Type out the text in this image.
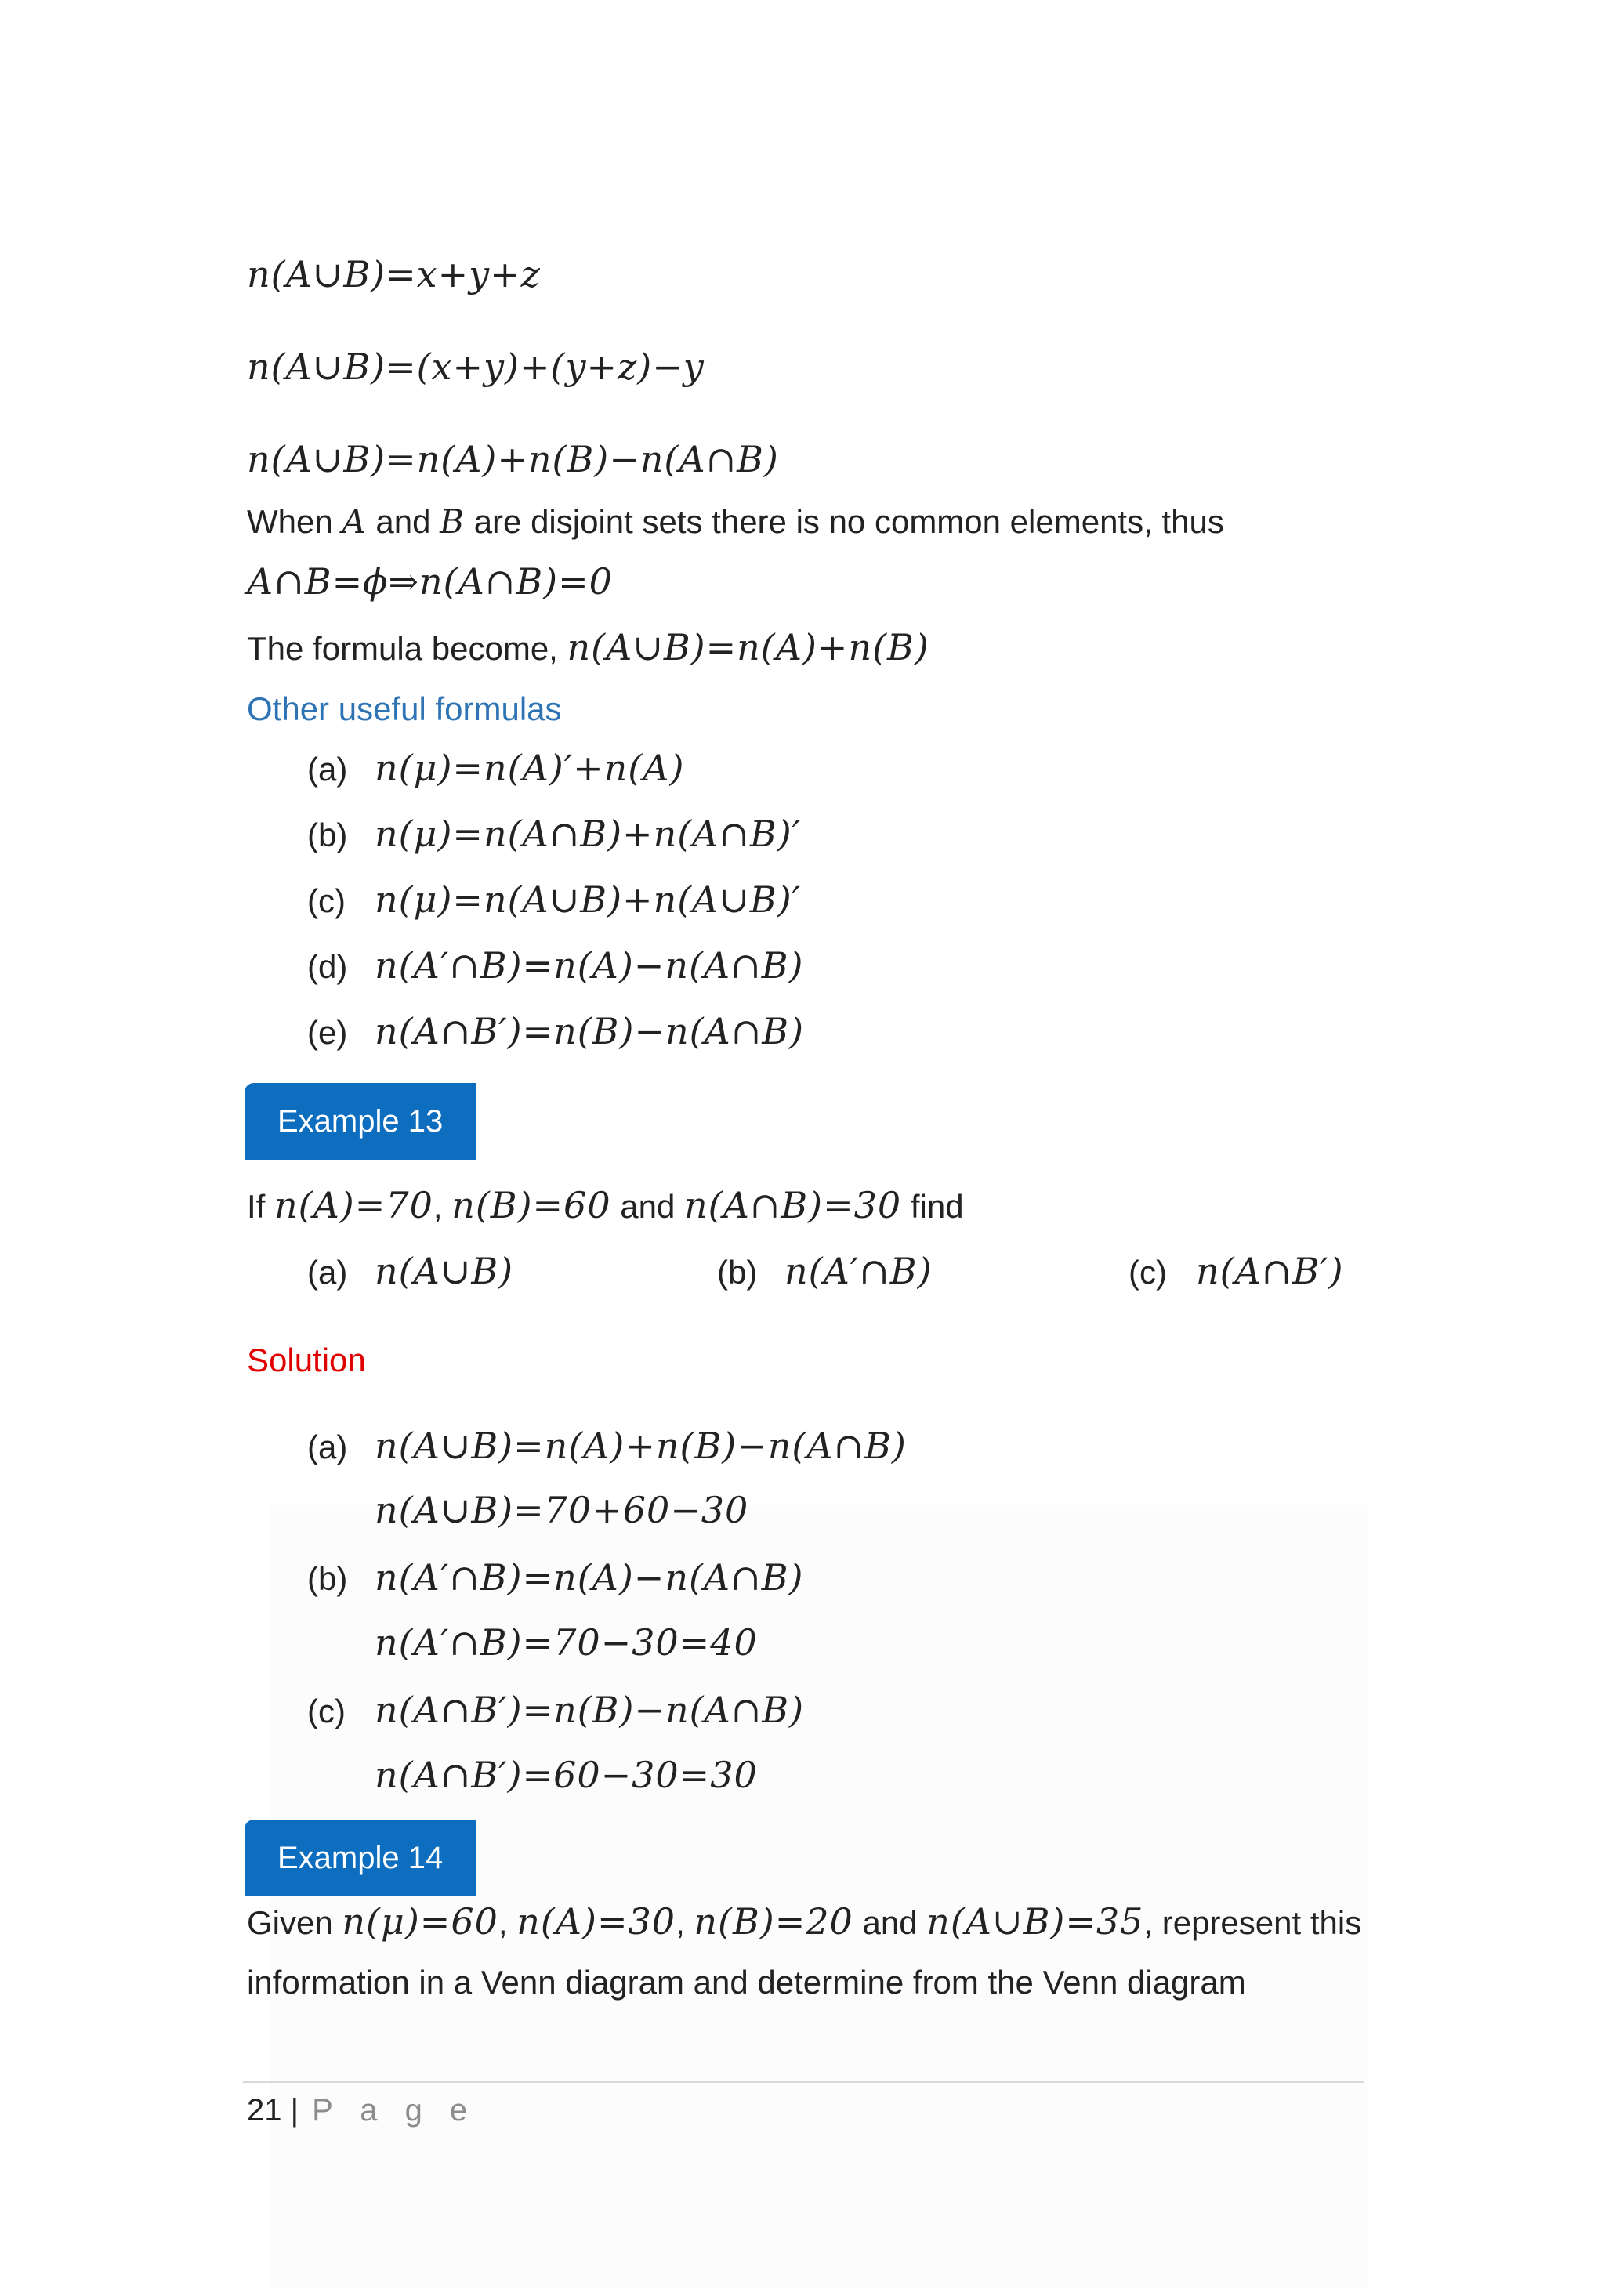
n(A∪B)=x+y+z
n(A∪B)=(x+y)+(y+z)−y
n(A∪B)=n(A)+n(B)−n(A∩B)
When A and B are disjoint sets there is no common elements, thus
A∩B=ϕ⇒n(A∩B)=0
The formula become, n(A∪B)=n(A)+n(B)
Other useful formulas
(a) n(μ)=n(A)′+n(A)
(b) n(μ)=n(A∩B)+n(A∩B)′
(c) n(μ)=n(A∪B)+n(A∪B)′
(d) n(A′∩B)=n(A)−n(A∩B)
(e) n(A∩B′)=n(B)−n(A∩B)
Example 13
If n(A)=70, n(B)=60 and n(A∩B)=30 find
(a) n(A∪B)	(b) n(A′∩B)	(c) n(A∩B′)
Solution
(a) n(A∪B)=n(A)+n(B)−n(A∩B)
n(A∪B)=70+60−30
(b) n(A′∩B)=n(A)−n(A∩B)
n(A′∩B)=70−30=40
(c) n(A∩B′)=n(B)−n(A∩B)
n(A∩B′)=60−30=30
Example 14
Given n(μ)=60, n(A)=30, n(B)=20 and n(A∪B)=35, represent this
information in a Venn diagram and determine from the Venn diagram
21 | P a g e
